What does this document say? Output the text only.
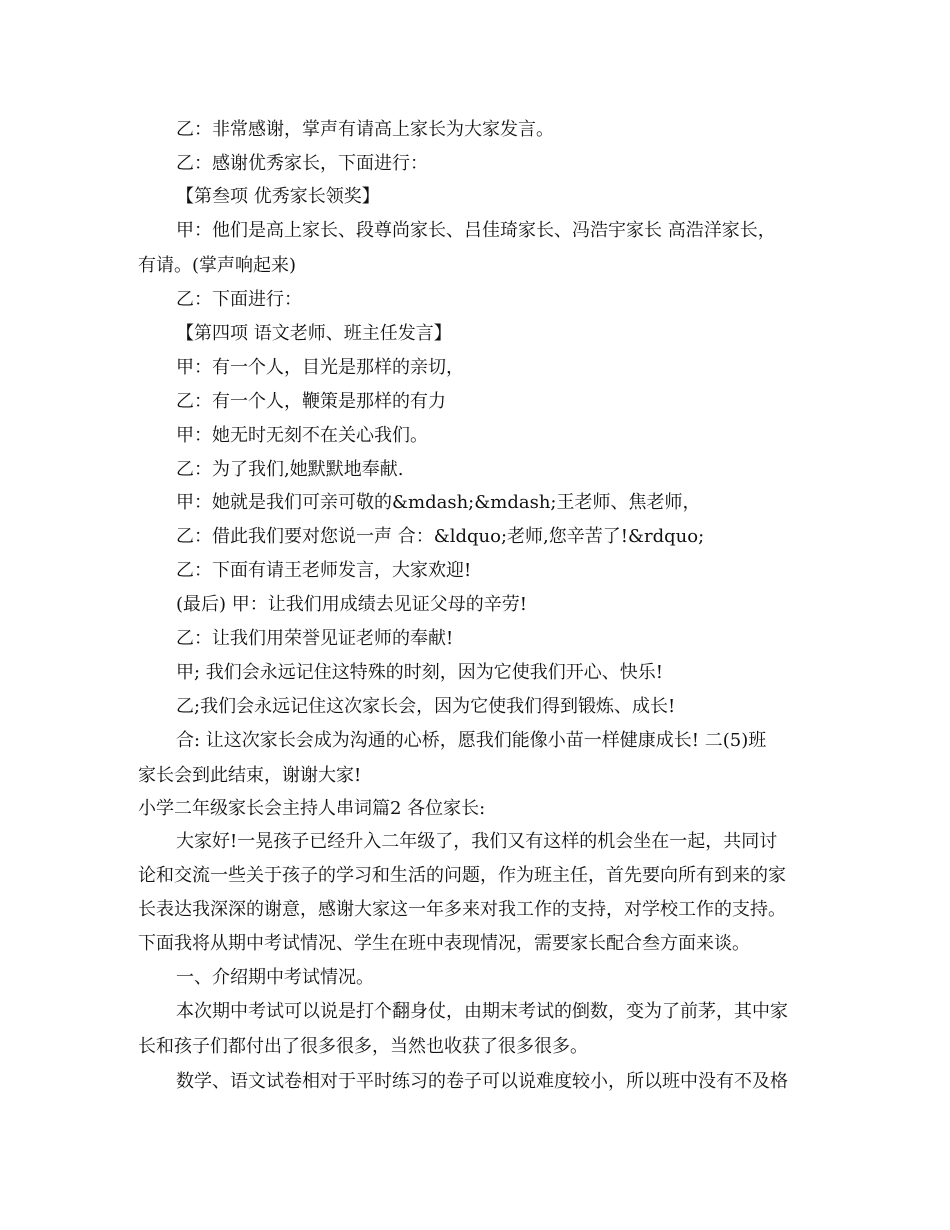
乙：非常感谢，掌声有请高上家长为大家发言。
乙：感谢优秀家长，下面进行：
【第叁项 优秀家长领奖】
甲：他们是高上家长、段尊尚家长、吕佳琦家长、冯浩宇家长 高浩洋家长，
有请。(掌声响起来)
乙：下面进行：
【第四项 语文老师、班主任发言】
甲：有一个人，目光是那样的亲切，
乙：有一个人，鞭策是那样的有力
甲：她无时无刻不在关心我们。
乙：为了我们,她默默地奉献.
甲：她就是我们可亲可敬的&mdash;&mdash;王老师、焦老师，
乙：借此我们要对您说一声 合：&ldquo;老师,您辛苦了!&rdquo;
乙：下面有请王老师发言，大家欢迎!
(最后) 甲：让我们用成绩去见证父母的辛劳!
乙：让我们用荣誉见证老师的奉献!
甲; 我们会永远记住这特殊的时刻，因为它使我们开心、快乐!
乙;我们会永远记住这次家长会，因为它使我们得到锻炼、成长!
合: 让这次家长会成为沟通的心桥，愿我们能像小苗一样健康成长! 二(5)班
家长会到此结束，谢谢大家!
小学二年级家长会主持人串词篇2 各位家长:
大家好!一晃孩子已经升入二年级了，我们又有这样的机会坐在一起，共同讨
论和交流一些关于孩子的学习和生活的问题，作为班主任，首先要向所有到来的家
长表达我深深的谢意，感谢大家这一年多来对我工作的支持，对学校工作的支持。
下面我将从期中考试情况、学生在班中表现情况，需要家长配合叁方面来谈。
一、介绍期中考试情况。
本次期中考试可以说是打个翻身仗，由期末考试的倒数，变为了前茅，其中家
长和孩子们都付出了很多很多，当然也收获了很多很多。
数学、语文试卷相对于平时练习的卷子可以说难度较小，所以班中没有不及格
